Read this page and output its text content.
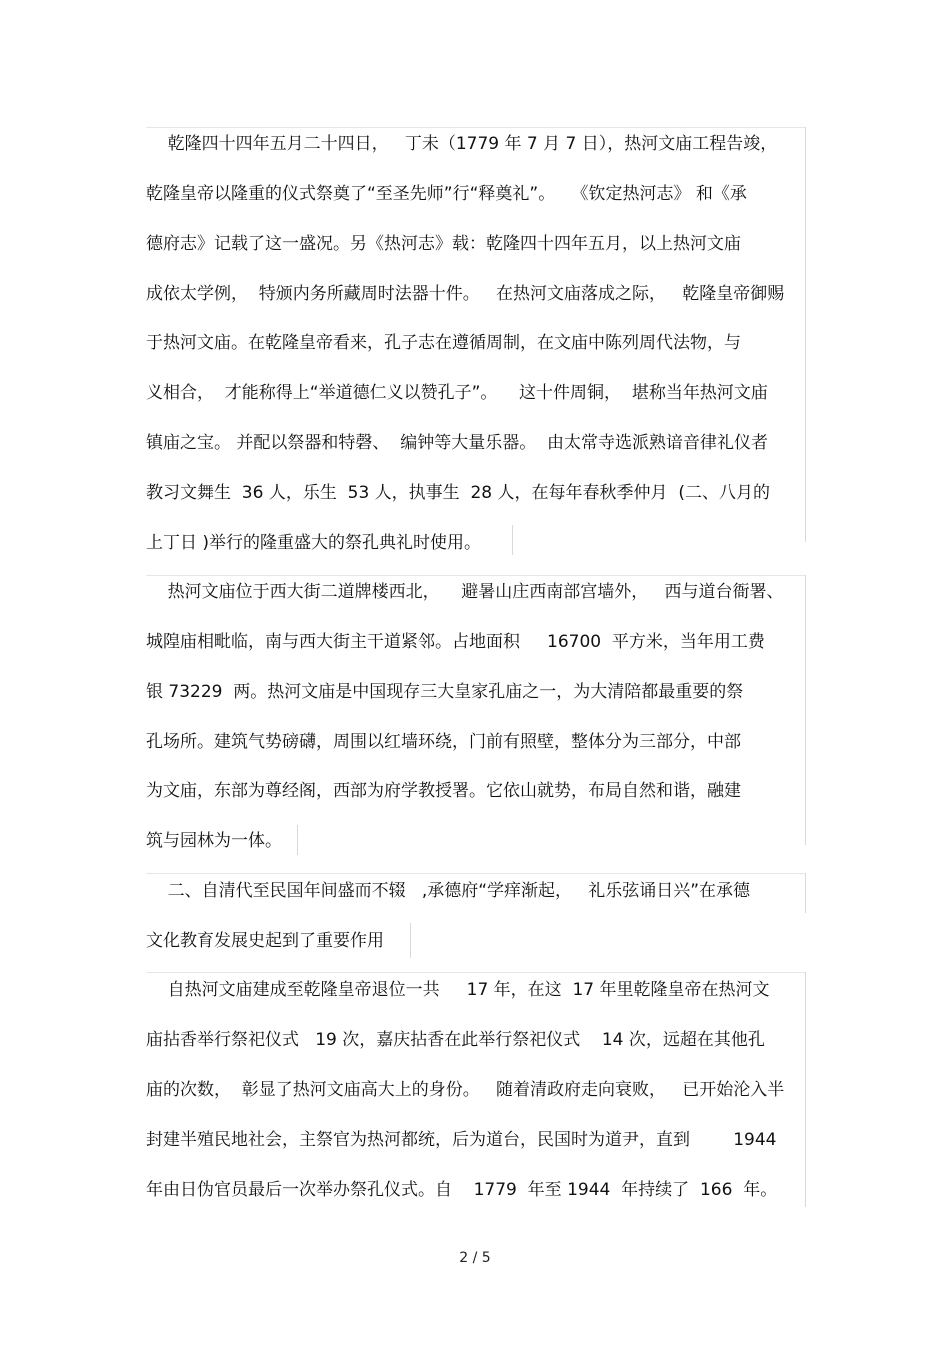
乾隆四十四年五月二十四日，   丁未（1779 年 7 月 7 日），热河文庙工程告竣，
乾隆皇帝以隆重的仪式祭奠了“至圣先师”行“释奠礼”。   《钦定热河志》 和《承
德府志》记载了这一盛况。另《热河志》载：乾隆四十四年五月，以上热河文庙
成依太学例，  特颁内务所藏周时法器十件。   在热河文庙落成之际，   乾隆皇帝御赐
于热河文庙。在乾隆皇帝看来，孔子志在遵循周制，在文庙中陈列周代法物，与
义相合，  才能称得上“举道德仁义以赞孔子”。    这十件周铜，  堪称当年热河文庙
镇庙之宝。 并配以祭器和特磬、  编钟等大量乐器。  由太常寺选派熟谙音律礼仪者
教习文舞生  36 人，乐生  53 人，执事生  28 人，在每年春秋季仲月  (二、八月的
上丁日 )举行的隆重盛大的祭孔典礼时使用。
热河文庙位于西大街二道牌楼西北，    避暑山庄西南部宫墙外，   西与道台衙署、
城隍庙相毗临，南与西大街主干道紧邻。占地面积     16700  平方米，当年用工费
银 73229  两。热河文庙是中国现存三大皇家孔庙之一，为大清陪都最重要的祭
孔场所。建筑气势磅礴，周围以红墙环绕，门前有照壁，整体分为三部分，中部
为文庙，东部为尊经阁，西部为府学教授署。它依山就势，布局自然和谐，融建
筑与园林为一体。
二、自清代至民国年间盛而不辍   ,承德府“学痒渐起，   礼乐弦诵日兴”在承德
文化教育发展史起到了重要作用
自热河文庙建成至乾隆皇帝退位一共     17 年，在这  17 年里乾隆皇帝在热河文
庙拈香举行祭祀仪式   19 次，嘉庆拈香在此举行祭祀仪式    14 次，远超在其他孔
庙的次数，  彰显了热河文庙高大上的身份。   随着清政府走向衰败，   已开始沦入半
封建半殖民地社会，主祭官为热河都统，后为道台，民国时为道尹，直到        1944
年由日伪官员最后一次举办祭孔仪式。自    1779  年至 1944  年持续了  166  年。
2 / 5
